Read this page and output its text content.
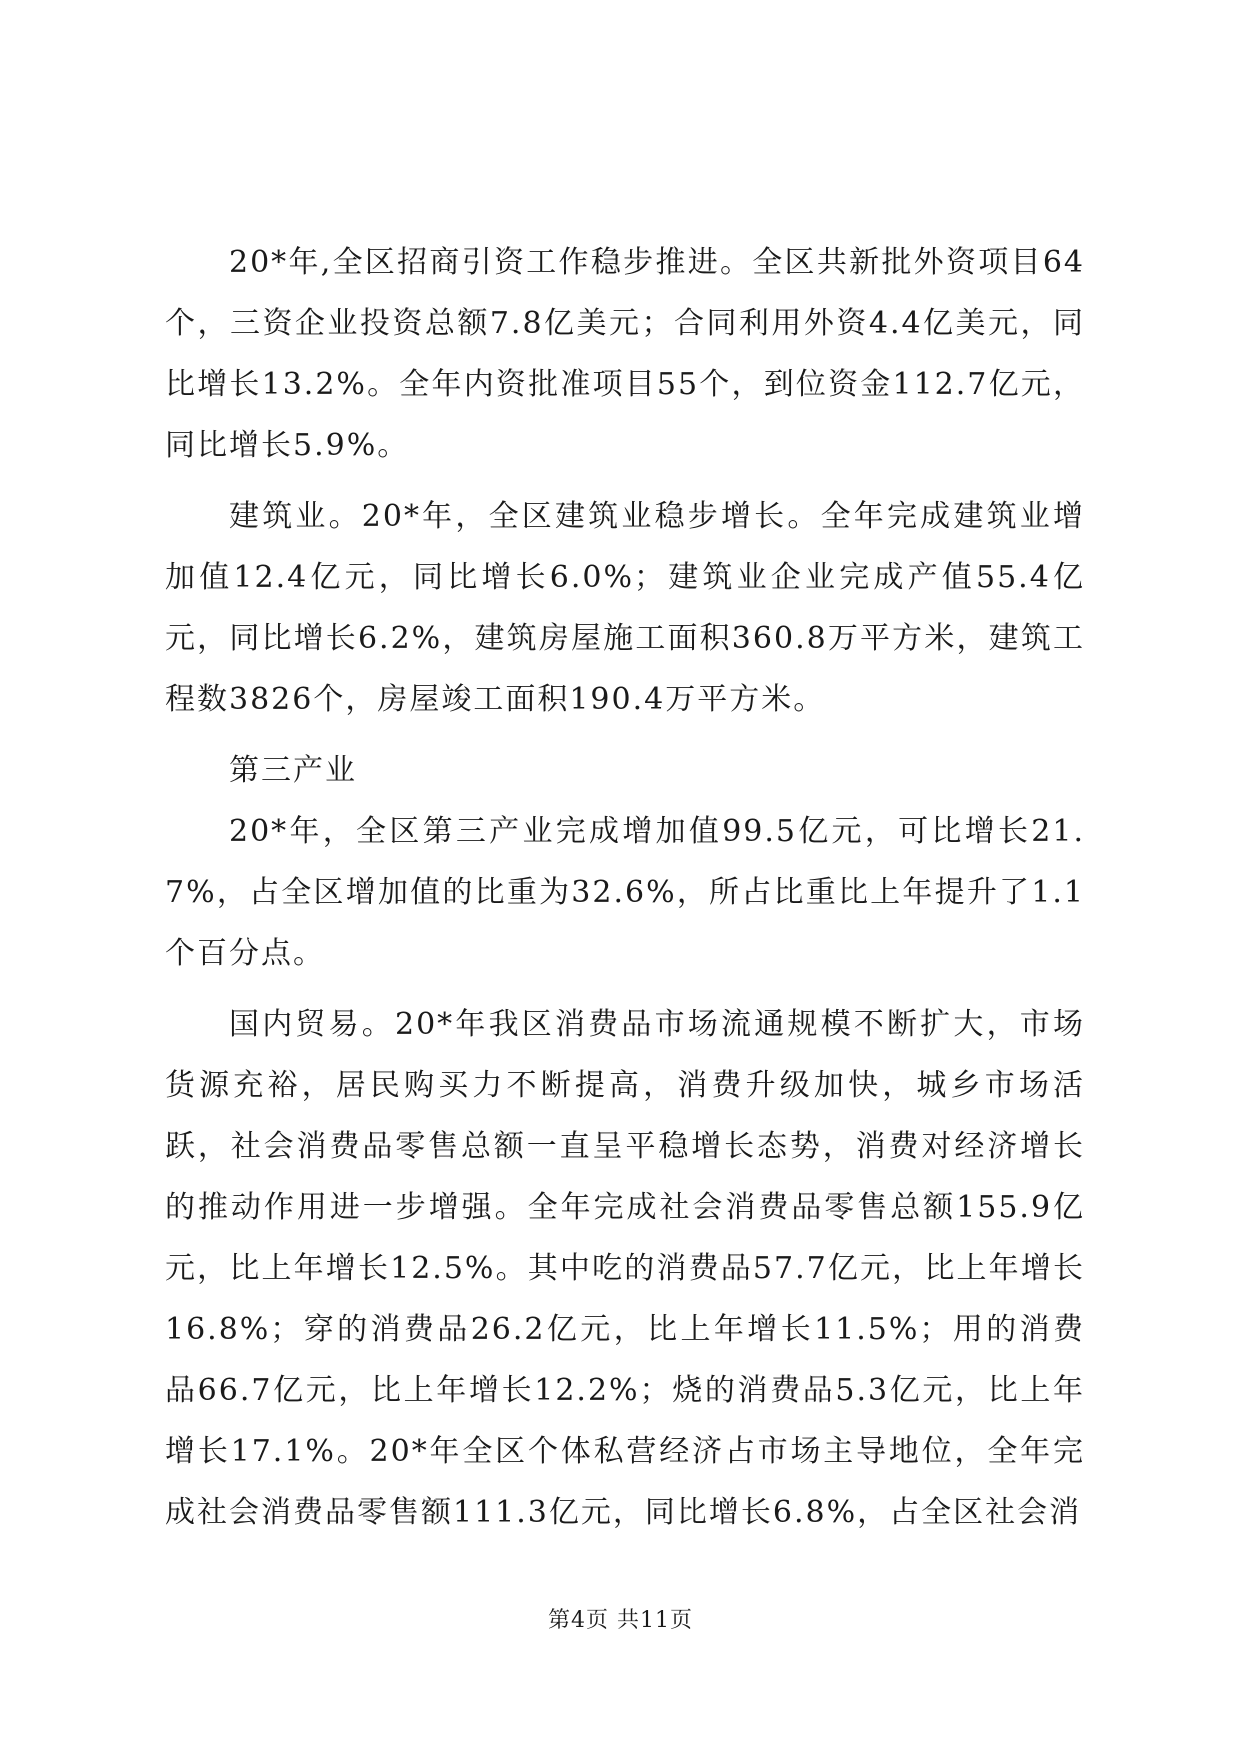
20*年,全区招商引资工作稳步推进。全区共新批外资项目64个，三资企业投资总额7.8亿美元；合同利用外资4.4亿美元，同比增长13.2%。全年内资批准项目55个，到位资金112.7亿元，同比增长5.9%。

建筑业。20*年，全区建筑业稳步增长。全年完成建筑业增加值12.4亿元，同比增长6.0%；建筑业企业完成产值55.4亿元，同比增长6.2%，建筑房屋施工面积360.8万平方米，建筑工程数3826个，房屋竣工面积190.4万平方米。

第三产业

20*年，全区第三产业完成增加值99.5亿元，可比增长21.7%，占全区增加值的比重为32.6%，所占比重比上年提升了1.1个百分点。

国内贸易。20*年我区消费品市场流通规模不断扩大，市场货源充裕，居民购买力不断提高，消费升级加快，城乡市场活跃，社会消费品零售总额一直呈平稳增长态势，消费对经济增长的推动作用进一步增强。全年完成社会消费品零售总额155.9亿元，比上年增长12.5%。其中吃的消费品57.7亿元，比上年增长16.8%；穿的消费品26.2亿元，比上年增长11.5%；用的消费品66.7亿元，比上年增长12.2%；烧的消费品5.3亿元，比上年增长17.1%。20*年全区个体私营经济占市场主导地位，全年完成社会消费品零售额111.3亿元，同比增长6.8%，占全区社会消

第4页 共11页
